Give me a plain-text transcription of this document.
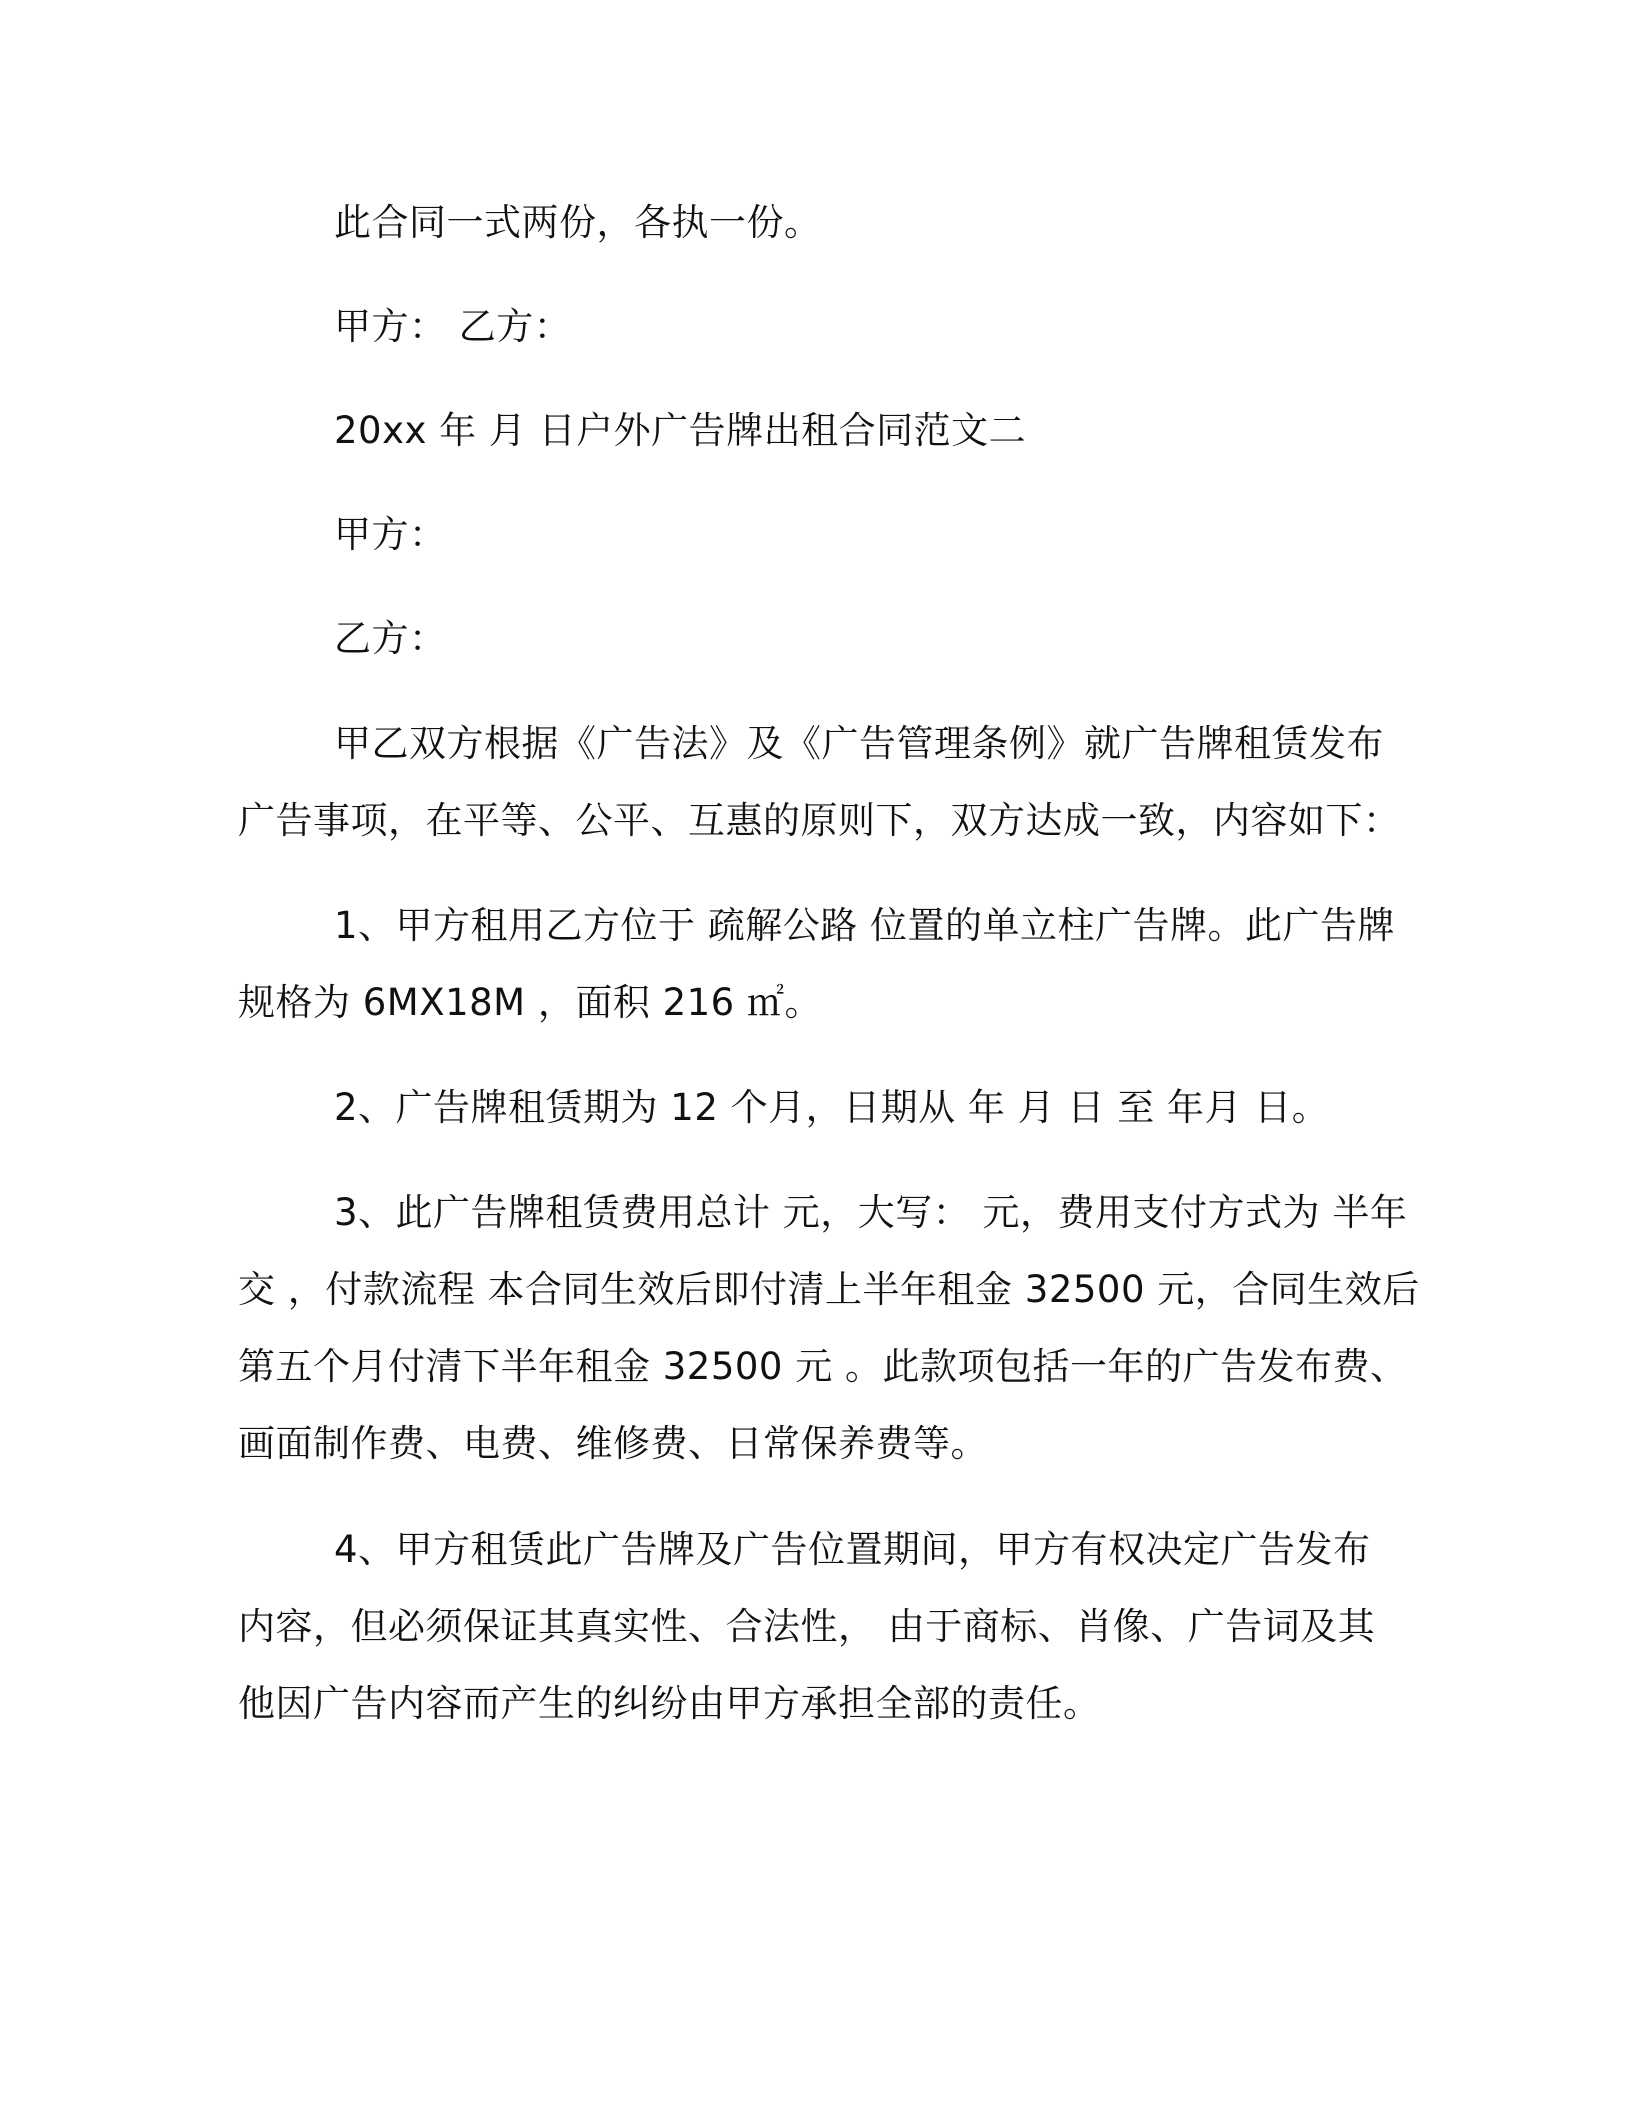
此合同一式两份，各执一份。
甲方： 乙方：
20xx 年 月 日户外广告牌出租合同范文二
甲方：
乙方：
甲乙双方根据《广告法》及《广告管理条例》就广告牌租赁发布
广告事项，在平等、公平、互惠的原则下，双方达成一致，内容如下：
1、甲方租用乙方位于 疏解公路 位置的单立柱广告牌。此广告牌
规格为 6MX18M ，面积 216 ㎡。
2、广告牌租赁期为 12 个月，日期从 年 月 日 至 年月 日。
3、此广告牌租赁费用总计 元，大写： 元，费用支付方式为 半年
交 ，付款流程 本合同生效后即付清上半年租金 32500 元，合同生效后
第五个月付清下半年租金 32500 元 。此款项包括一年的广告发布费、
画面制作费、电费、维修费、日常保养费等。
4、甲方租赁此广告牌及广告位置期间，甲方有权决定广告发布
内容，但必须保证其真实性、合法性， 由于商标、肖像、广告词及其
他因广告内容而产生的纠纷由甲方承担全部的责任。
